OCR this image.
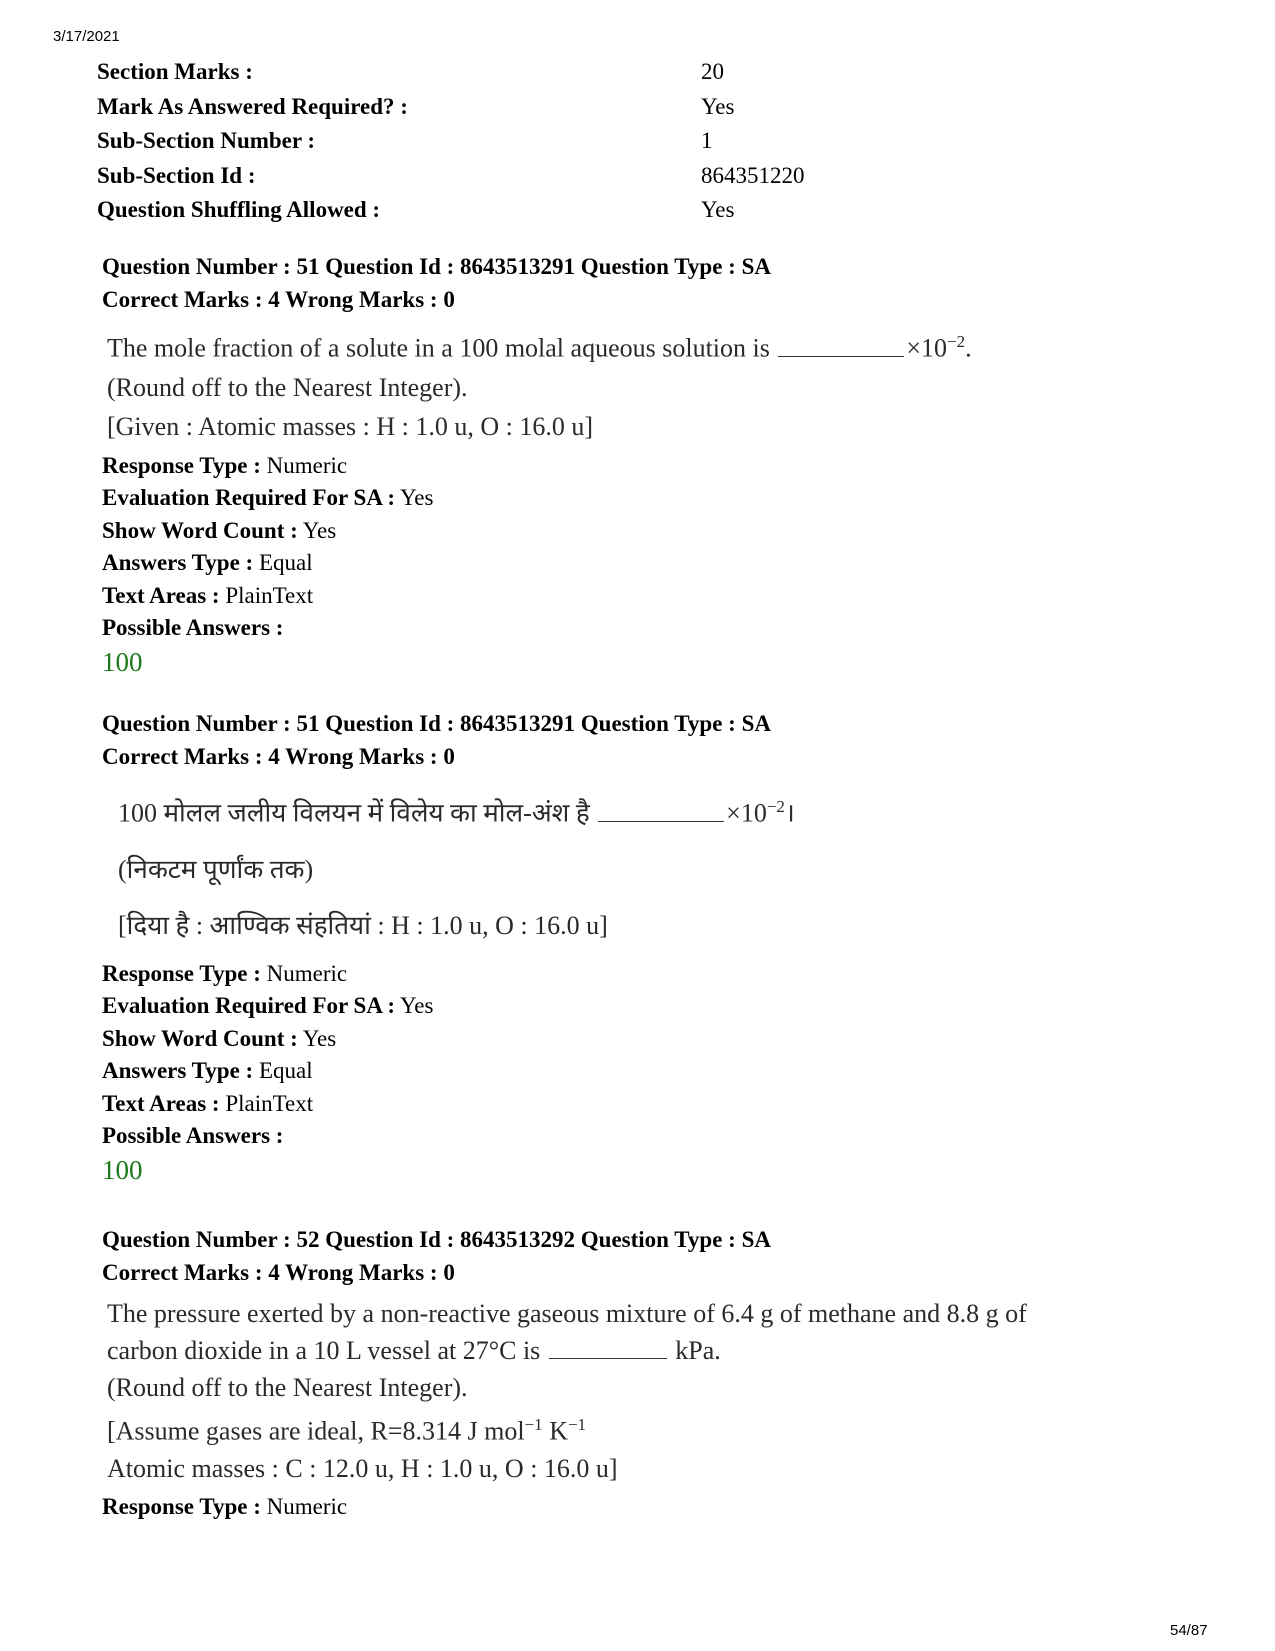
3/17/2021
Section Marks :	20
Mark As Answered Required? :	Yes
Sub-Section Number :	1
Sub-Section Id :	864351220
Question Shuffling Allowed :	Yes
Question Number : 51 Question Id : 8643513291 Question Type : SA
Correct Marks : 4 Wrong Marks : 0
The mole fraction of a solute in a 100 molal aqueous solution is	$\times 10^{-2}$.
(Round off to the Nearest Integer).
[Given : Atomic masses : H : 1.0 u, O : 16.0 u]
Response Type : Numeric
Evaluation Required For SA : Yes
Show Word Count : Yes
Answers Type : Equal
Text Areas : PlainText
Possible Answers :
100
Question Number : 51 Question Id : 8643513291 Question Type : SA
Correct Marks : 4 Wrong Marks : 0
100 मोलल जलीय विलयन में विलेय का मोल-अंश है	$\times 10^{-2}।$
(निकटम पूर्णांक तक)
[दिया है : आण्विक संहतियां : H : 1.0 u, O : 16.0 u]
Response Type : Numeric
Evaluation Required For SA : Yes
Show Word Count : Yes
Answers Type : Equal
Text Areas : PlainText
Possible Answers :
100
Question Number : 52 Question Id : 8643513292 Question Type : SA
Correct Marks : 4 Wrong Marks : 0
The pressure exerted by a non-reactive gaseous mixture of 6.4 g of methane and 8.8 g of
carbon dioxide in a 10 L vessel at 27°C is	kPa.
(Round off to the Nearest Integer).
[Assume gases are ideal, R=8.314 J mol$^{-1}$ $K^{-1}$
Atomic masses : C : 12.0 u, H : 1.0 u, O : 16.0 u]
Response Type : Numeric
54/87
